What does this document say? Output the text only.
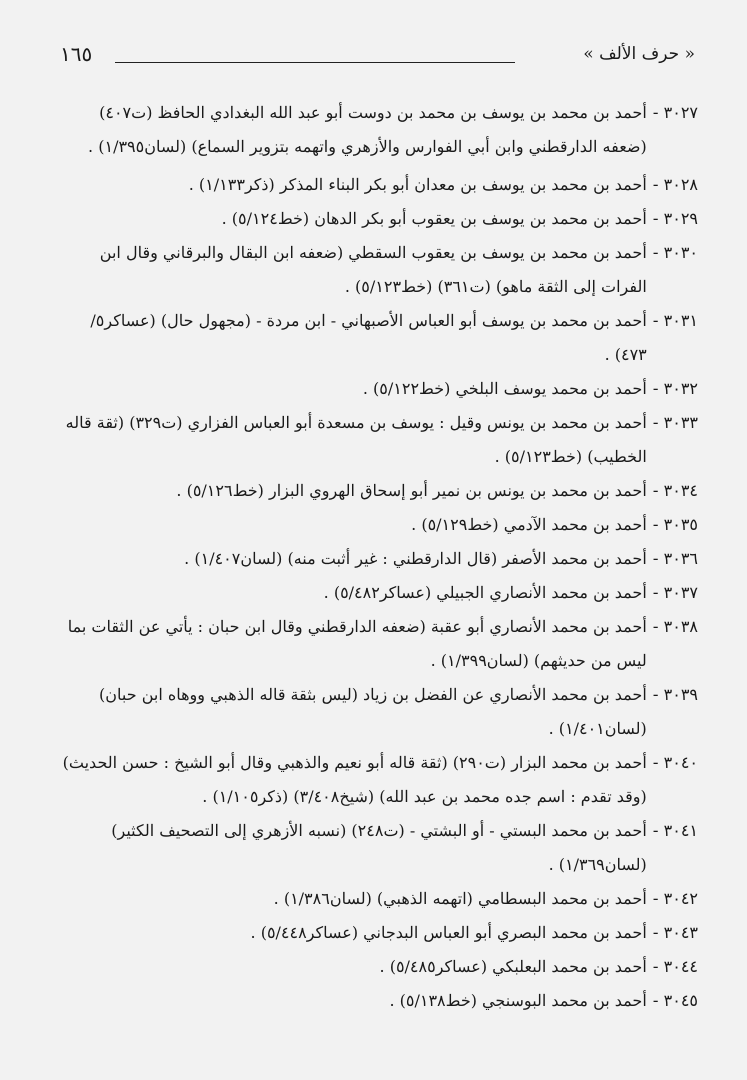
« حرف الألف »
١٦٥
٣٠٢٧ -
أحمد بن محمد بن يوسف بن محمد بن دوست أبو عبد الله البغدادي الحافظ (ت٤٠٧) (ضعفه الدارقطني وابن أبي الفوارس والأزهري واتهمه بتزوير السماع) (لسان١/٣٩٥) .
٣٠٢٨ -
أحمد بن محمد بن يوسف بن معدان أبو بكر البناء المذكر (ذكر١/١٣٣) .
٣٠٢٩ -
أحمد بن محمد بن يوسف بن يعقوب أبو بكر الدهان (خط٥/١٢٤) .
٣٠٣٠ -
أحمد بن محمد بن يوسف بن يعقوب السقطي (ضعفه ابن البقال والبرقاني وقال ابن الفرات إلى الثقة ماهو) (ت٣٦١) (خط٥/١٢٣) .
٣٠٣١ -
أحمد بن محمد بن يوسف أبو العباس الأصبهاني - ابن مردة - (مجهول حال) (عساكر٥/ ٤٧٣) .
٣٠٣٢ -
أحمد بن محمد يوسف البلخي (خط٥/١٢٢) .
٣٠٣٣ -
أحمد بن محمد بن يونس وقيل : يوسف بن مسعدة أبو العباس الفزاري (ت٣٢٩) (ثقة قاله الخطيب) (خط٥/١٢٣) .
٣٠٣٤ -
أحمد بن محمد بن يونس بن نمير أبو إسحاق الهروي البزار (خط٥/١٢٦) .
٣٠٣٥ -
أحمد بن محمد الآدمي (خط٥/١٢٩) .
٣٠٣٦ -
أحمد بن محمد الأصفر (قال الدارقطني : غير أثبت منه) (لسان١/٤٠٧) .
٣٠٣٧ -
أحمد بن محمد الأنصاري الجبيلي (عساكر٥/٤٨٢) .
٣٠٣٨ -
أحمد بن محمد الأنصاري أبو عقبة (ضعفه الدارقطني وقال ابن حبان : يأتي عن الثقات بما ليس من حديثهم) (لسان١/٣٩٩) .
٣٠٣٩ -
أحمد بن محمد الأنصاري عن الفضل بن زياد (ليس بثقة قاله الذهبي ووهاه ابن حبان) (لسان١/٤٠١) .
٣٠٤٠ -
أحمد بن محمد البزار (ت٢٩٠) (ثقة قاله أبو نعيم والذهبي وقال أبو الشيخ : حسن الحديث) (وقد تقدم : اسم جده محمد بن عبد الله) (شيخ٣/٤٠٨) (ذكر١/١٠٥) .
٣٠٤١ -
أحمد بن محمد البستي - أو البشتي - (ت٢٤٨) (نسبه الأزهري إلى التصحيف الكثير) (لسان١/٣٦٩) .
٣٠٤٢ -
أحمد بن محمد البسطامي (اتهمه الذهبي) (لسان١/٣٨٦) .
٣٠٤٣ -
أحمد بن محمد البصري أبو العباس البدجاني (عساكر٥/٤٤٨) .
٣٠٤٤ -
أحمد بن محمد البعلبكي (عساكر٥/٤٨٥) .
٣٠٤٥ -
أحمد بن محمد البوسنجي (خط٥/١٣٨) .
